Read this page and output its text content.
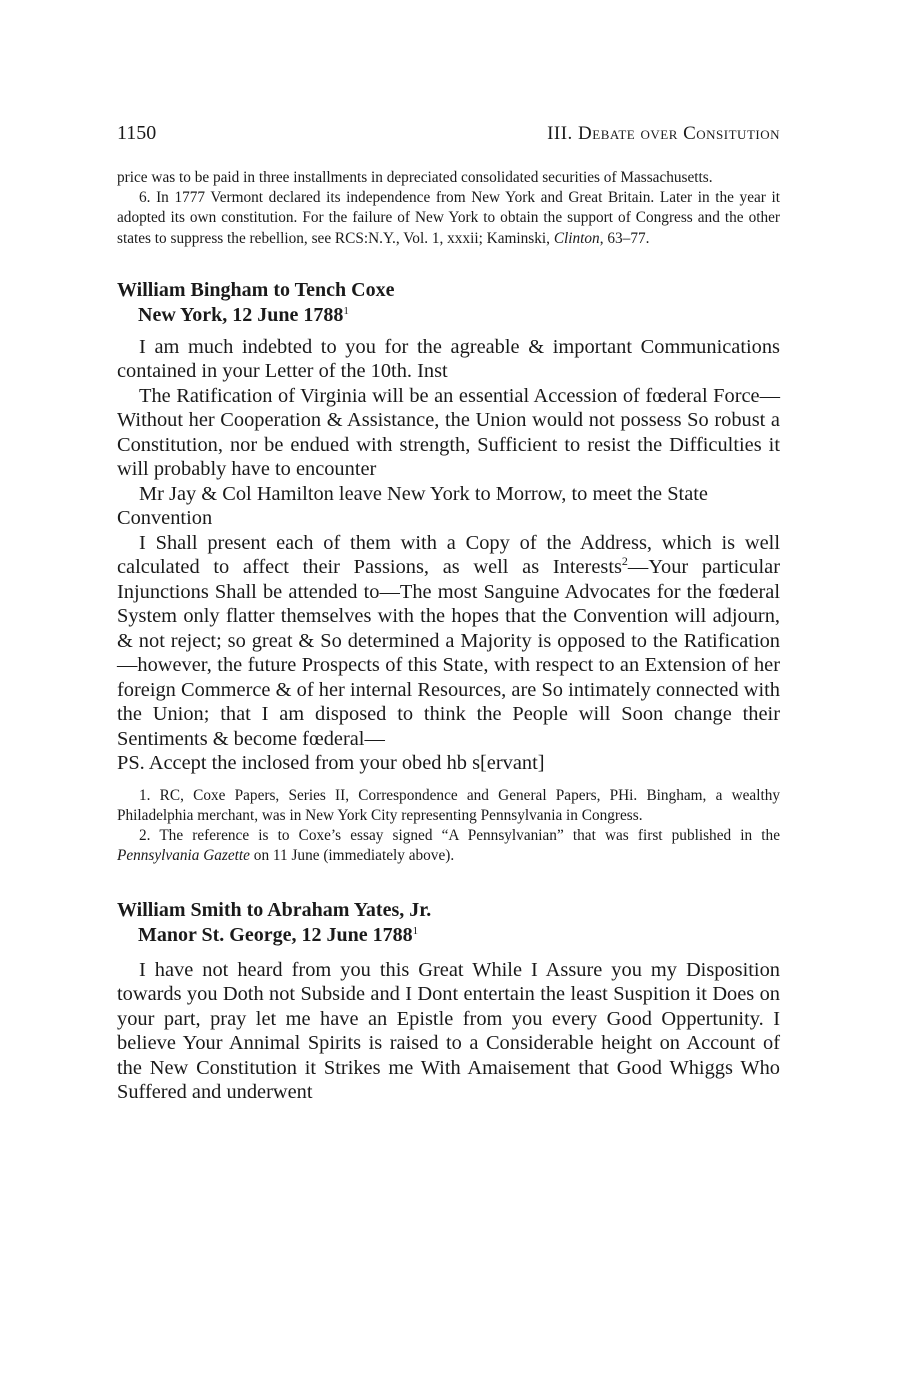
1150	III. Debate over Consitution

price was to be paid in three installments in depreciated consolidated securities of Massachusetts.

6. In 1777 Vermont declared its independence from New York and Great Britain. Later in the year it adopted its own constitution. For the failure of New York to obtain the support of Congress and the other states to suppress the rebellion, see RCS:N.Y., Vol. 1, xxxii; Kaminski, Clinton, 63–77.

William Bingham to Tench Coxe
New York, 12 June 1788$^1$

I am much indebted to you for the agreable & important Communications contained in your Letter of the 10th. Inst

The Ratification of Virginia will be an essential Accession of fœderal Force—Without her Cooperation & Assistance, the Union would not possess So robust a Constitution, nor be endued with strength, Sufficient to resist the Difficulties it will probably have to encounter

Mr Jay & Col Hamilton leave New York to Morrow, to meet the State Convention

I Shall present each of them with a Copy of the Address, which is well calculated to affect their Passions, as well as Interests$^2$—Your particular Injunctions Shall be attended to—The most Sanguine Advocates for the fœderal System only flatter themselves with the hopes that the Convention will adjourn, & not reject; so great & So determined a Majority is opposed to the Ratification—however, the future Prospects of this State, with respect to an Extension of her foreign Commerce & of her internal Resources, are So intimately connected with the Union; that I am disposed to think the People will Soon change their Sentiments & become fœderal—

PS. Accept the inclosed from your obed hb s[ervant]

1. RC, Coxe Papers, Series II, Correspondence and General Papers, PHi. Bingham, a wealthy Philadelphia merchant, was in New York City representing Pennsylvania in Congress.

2. The reference is to Coxe’s essay signed “A Pennsylvanian” that was first published in the Pennsylvania Gazette on 11 June (immediately above).

William Smith to Abraham Yates, Jr.
Manor St. George, 12 June 1788$^1$

I have not heard from you this Great While I Assure you my Disposition towards you Doth not Subside and I Dont entertain the least Suspition it Does on your part, pray let me have an Epistle from you every Good Oppertunity. I believe Your Annimal Spirits is raised to a Considerable height on Account of the New Constitution it Strikes me With Amaisement that Good Whiggs Who Suffered and underwent
